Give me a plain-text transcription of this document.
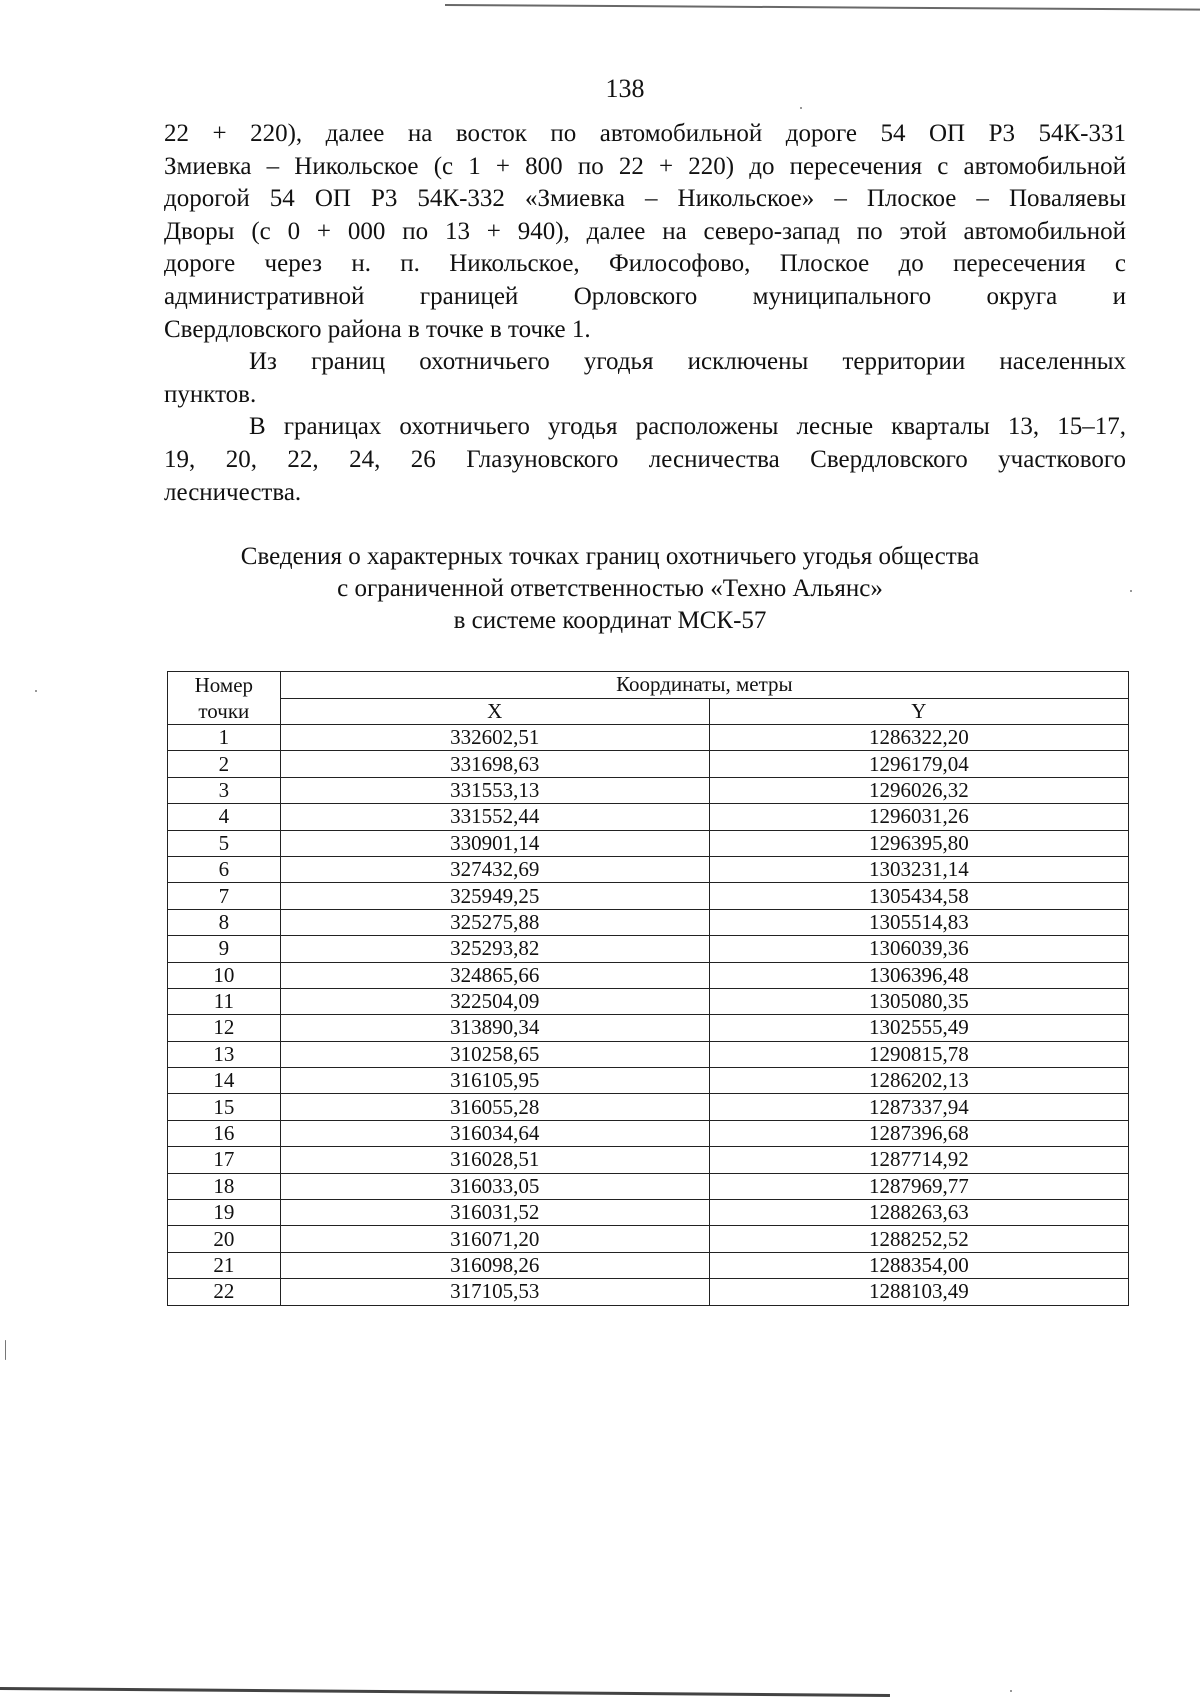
138

22 + 220), далее на восток по автомобильной дороге 54 ОП Р3 54К-331
Змиевка – Никольское (с 1 + 800 по 22 + 220) до пересечения с автомобильной
дорогой 54 ОП Р3 54К-332 «Змиевка – Никольское» – Плоское – Поваляевы
Дворы (с 0 + 000 по 13 + 940), далее на северо-запад по этой автомобильной
дороге через н. п. Никольское, Философово, Плоское до пересечения с
административной границей Орловского муниципального округа и
Свердловского района в точке в точке 1.

Из границ охотничьего угодья исключены территории населенных
пунктов.

В границах охотничьего угодья расположены лесные кварталы 13, 15–17,
19, 20, 22, 24, 26 Глазуновского лесничества Свердловского участкового
лесничества.

Сведения о характерных точках границ охотничьего угодья общества
с ограниченной ответственностью «Техно Альянс»
в системе координат МСК-57
Номер
точки	Координаты, метры	
	X	Y
1	332602,51	1286322,20
2	331698,63	1296179,04
3	331553,13	1296026,32
4	331552,44	1296031,26
5	330901,14	1296395,80
6	327432,69	1303231,14
7	325949,25	1305434,58
8	325275,88	1305514,83
9	325293,82	1306039,36
10	324865,66	1306396,48
11	322504,09	1305080,35
12	313890,34	1302555,49
13	310258,65	1290815,78
14	316105,95	1286202,13
15	316055,28	1287337,94
16	316034,64	1287396,68
17	316028,51	1287714,92
18	316033,05	1287969,77
19	316031,52	1288263,63
20	316071,20	1288252,52
21	316098,26	1288354,00
22	317105,53	1288103,49
